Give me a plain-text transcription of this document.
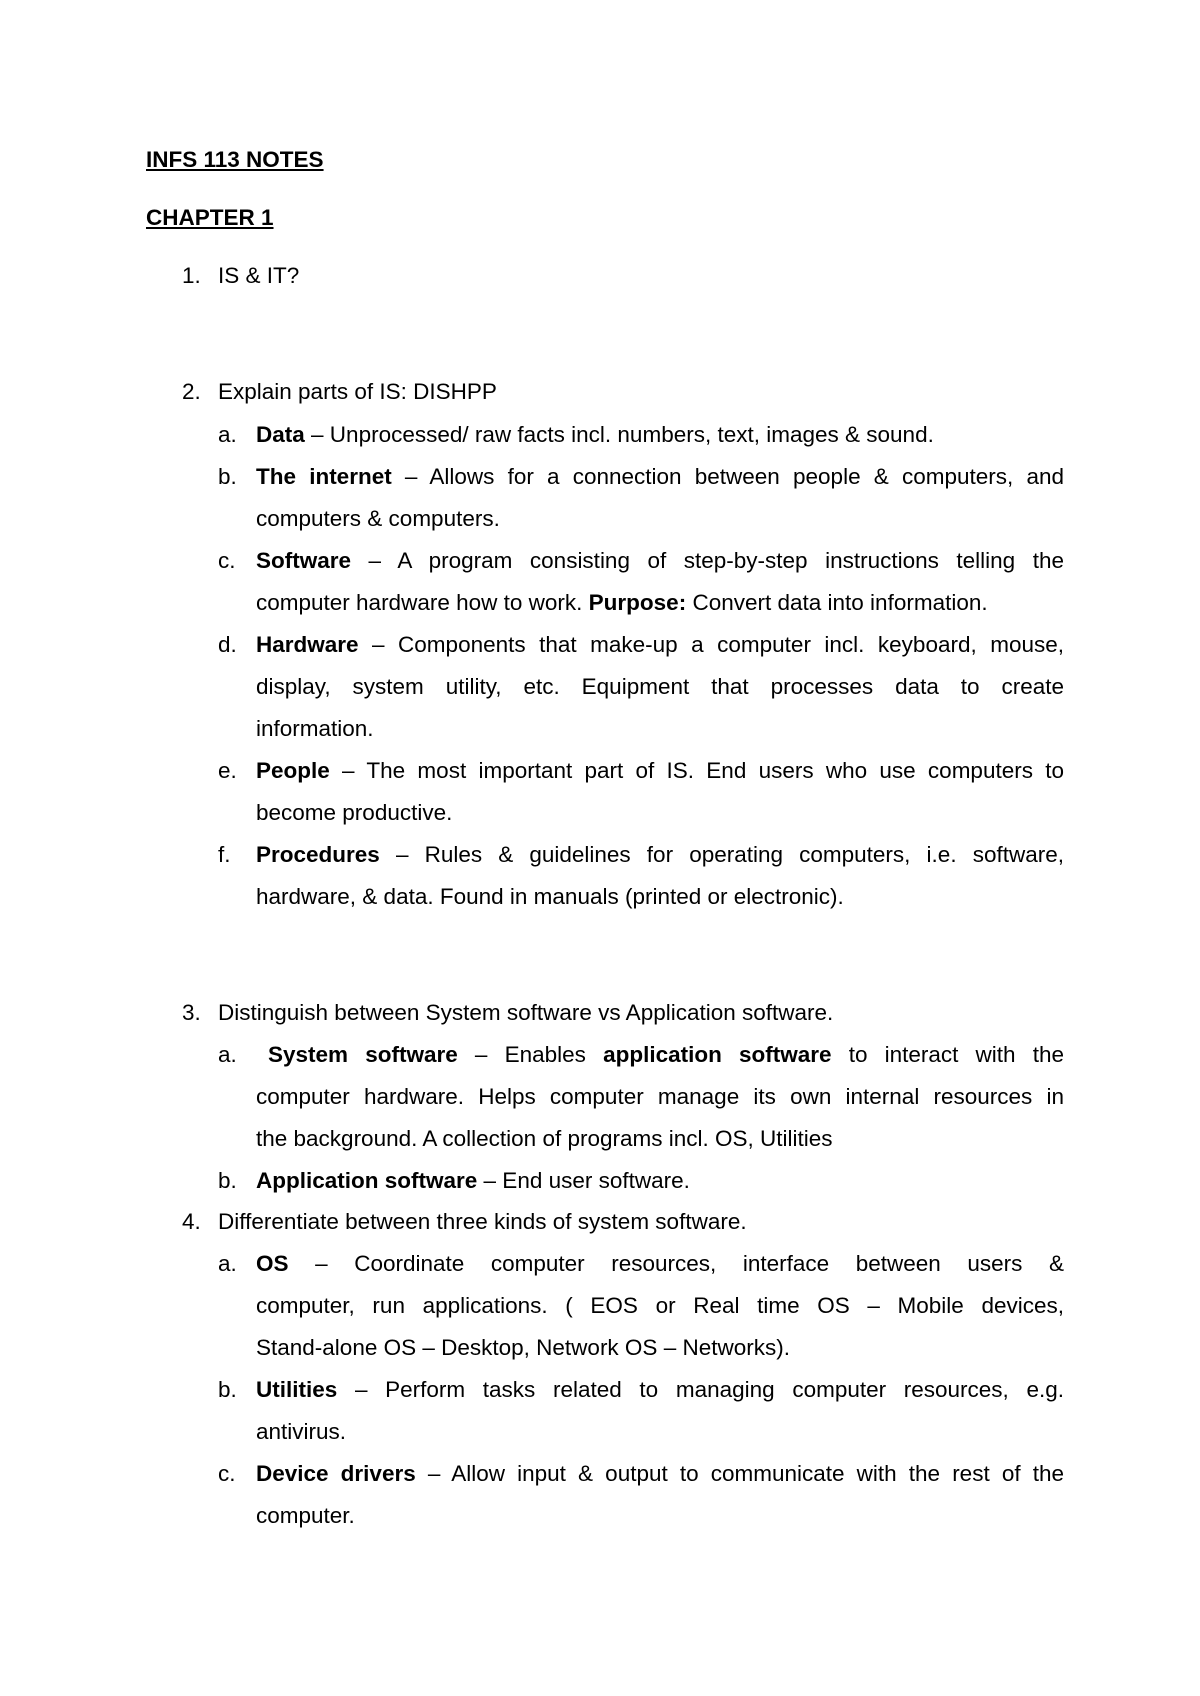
INFS 113 NOTES
CHAPTER 1
1. IS & IT?
2. Explain parts of IS: DISHPP
a. Data – Unprocessed/ raw facts incl. numbers, text, images & sound.
b. The internet – Allows for a connection between people & computers, and
computers & computers.
c. Software – A program consisting of step-by-step instructions telling the
computer hardware how to work. Purpose: Convert data into information.
d. Hardware – Components that make-up a computer incl. keyboard, mouse,
display, system utility, etc. Equipment that processes data to create
information.
e. People – The most important part of IS. End users who use computers to
become productive.
f. Procedures – Rules & guidelines for operating computers, i.e. software,
hardware, & data. Found in manuals (printed or electronic).
3. Distinguish between System software vs Application software.
a. System software – Enables application software to interact with the
computer hardware. Helps computer manage its own internal resources in
the background. A collection of programs incl. OS, Utilities
b. Application software – End user software.
4. Differentiate between three kinds of system software.
a. OS – Coordinate computer resources, interface between users &
computer, run applications. ( EOS or Real time OS – Mobile devices,
Stand-alone OS – Desktop, Network OS – Networks).
b. Utilities – Perform tasks related to managing computer resources, e.g.
antivirus.
c. Device drivers – Allow input & output to communicate with the rest of the
computer.
